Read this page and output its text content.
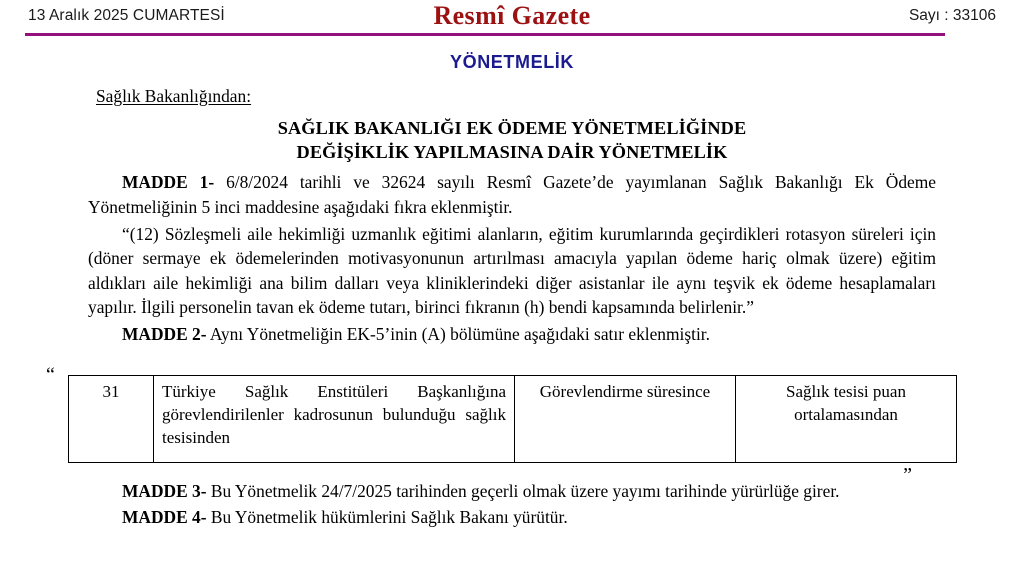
13 Aralık 2025 CUMARTESİ	Resmî Gazete	Sayı : 33106
YÖNETMELİK
Sağlık Bakanlığından:
SAĞLIK BAKANLIĞI EK ÖDEME YÖNETMELİĞİNDE
DEĞİŞİKLİK YAPILMASINA DAİR YÖNETMELİK

MADDE 1- 6/8/2024 tarihli ve 32624 sayılı Resmî Gazete’de yayımlanan Sağlık Bakanlığı Ek Ödeme Yönetmeliğinin 5 inci maddesine aşağıdaki fıkra eklenmiştir.

“(12) Sözleşmeli aile hekimliği uzmanlık eğitimi alanların, eğitim kurumlarında geçirdikleri rotasyon süreleri için (döner sermaye ek ödemelerinden motivasyonunun artırılması amacıyla yapılan ödeme hariç olmak üzere) eğitim aldıkları aile hekimliği ana bilim dalları veya kliniklerindeki diğer asistanlar ile aynı teşvik ek ödeme hesaplamaları yapılır. İlgili personelin tavan ek ödeme tutarı, birinci fıkranın (h) bendi kapsamında belirlenir.”

MADDE 2- Aynı Yönetmeliğin EK-5’inin (A) bölümüne aşağıdaki satır eklenmiştir.

“
31	Türkiye Sağlık Enstitüleri Başkanlığına görevlendirilenler kadrosunun bulunduğu sağlık tesisinden	Görevlendirme süresince	Sağlık tesisi puan ortalamasından
”

MADDE 3- Bu Yönetmelik 24/7/2025 tarihinden geçerli olmak üzere yayımı tarihinde yürürlüğe girer.

MADDE 4- Bu Yönetmelik hükümlerini Sağlık Bakanı yürütür.
